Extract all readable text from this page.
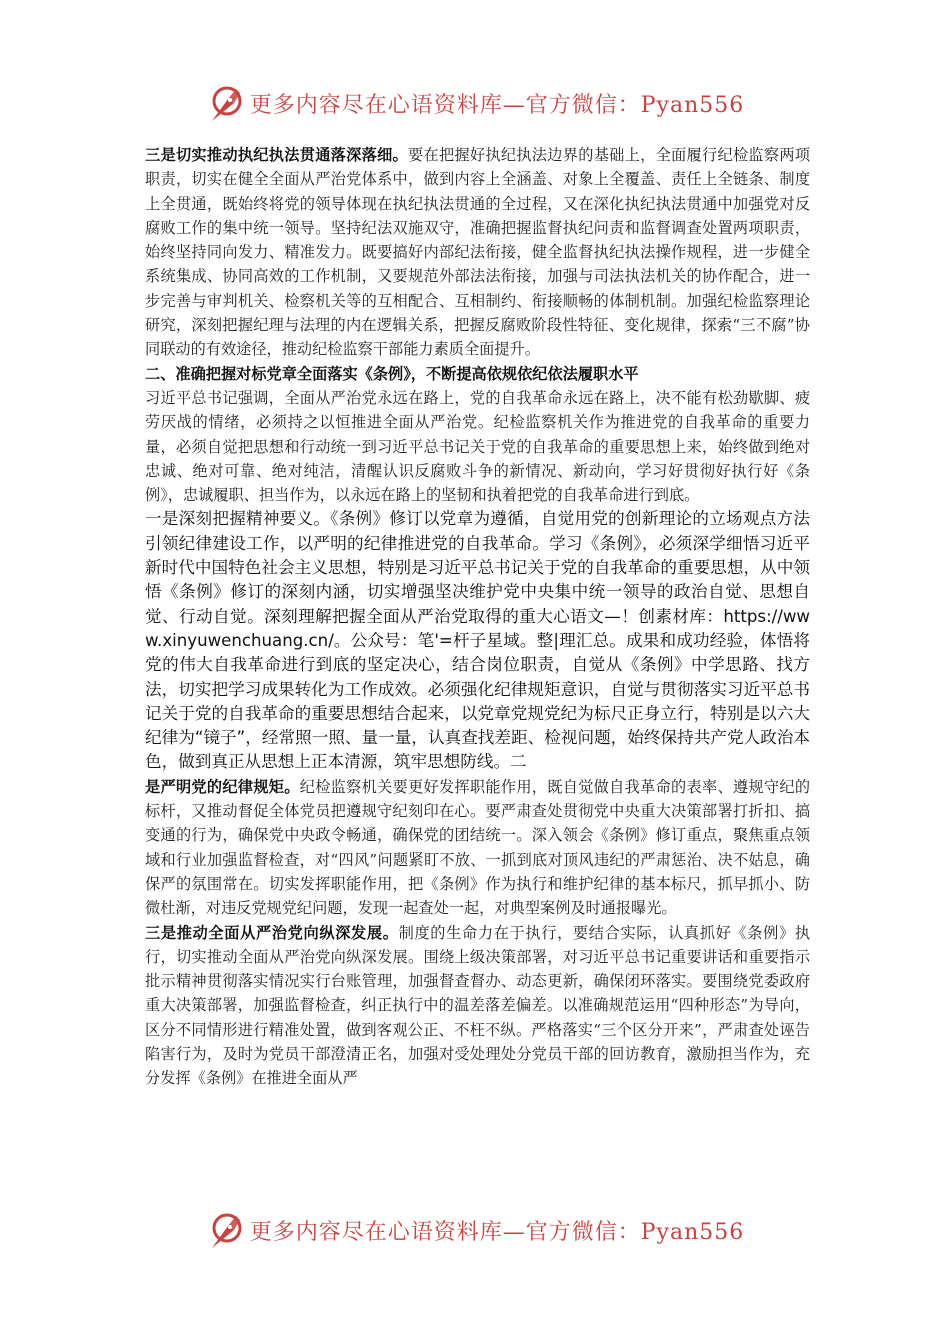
更多内容尽在心语资料库—官方微信：Pyan556

三是切实推动执纪执法贯通落深落细。要在把握好执纪执法边界的基础上，全面履行纪检监察两项职责，切实在健全全面从严治党体系中，做到内容上全涵盖、对象上全覆盖、责任上全链条、制度上全贯通，既始终将党的领导体现在执纪执法贯通的全过程，又在深化执纪执法贯通中加强党对反腐败工作的集中统一领导。坚持纪法双施双守，准确把握监督执纪问责和监督调查处置两项职责，始终坚持同向发力、精准发力。既要搞好内部纪法衔接，健全监督执纪执法操作规程，进一步健全系统集成、协同高效的工作机制，又要规范外部法法衔接，加强与司法执法机关的协作配合，进一步完善与审判机关、检察机关等的互相配合、互相制约、衔接顺畅的体制机制。加强纪检监察理论研究，深刻把握纪理与法理的内在逻辑关系，把握反腐败阶段性特征、变化规律，探索“三不腐”协同联动的有效途径，推动纪检监察干部能力素质全面提升。

二、准确把握对标党章全面落实《条例》，不断提高依规依纪依法履职水平

习近平总书记强调，全面从严治党永远在路上，党的自我革命永远在路上，决不能有松劲歇脚、疲劳厌战的情绪，必须持之以恒推进全面从严治党。纪检监察机关作为推进党的自我革命的重要力量，必须自觉把思想和行动统一到习近平总书记关于党的自我革命的重要思想上来，始终做到绝对忠诚、绝对可靠、绝对纯洁，清醒认识反腐败斗争的新情况、新动向，学习好贯彻好执行好《条例》，忠诚履职、担当作为，以永远在路上的坚韧和执着把党的自我革命进行到底。

一是深刻把握精神要义。《条例》修订以党章为遵循，自觉用党的创新理论的立场观点方法引领纪律建设工作，以严明的纪律推进党的自我革命。学习《条例》，必须深学细悟习近平新时代中国特色社会主义思想，特别是习近平总书记关于党的自我革命的重要思想，从中领悟《条例》修订的深刻内涵，切实增强坚决维护党中央集中统一领导的政治自觉、思想自觉、行动自觉。深刻理解把握全面从严治党取得的重大心语文—！创素材库：https://www.xinyuwenchuang.cn/。公众号：笔'=杆子星域。整|理汇总。成果和成功经验，体悟将党的伟大自我革命进行到底的坚定决心，结合岗位职责，自觉从《条例》中学思路、找方法，切实把学习成果转化为工作成效。必须强化纪律规矩意识，自觉与贯彻落实习近平总书记关于党的自我革命的重要思想结合起来，以党章党规党纪为标尺正身立行，特别是以六大纪律为“镜子”，经常照一照、量一量，认真查找差距、检视问题，始终保持共产党人政治本色，做到真正从思想上正本清源，筑牢思想防线。二

是严明党的纪律规矩。纪检监察机关要更好发挥职能作用，既自觉做自我革命的表率、遵规守纪的标杆，又推动督促全体党员把遵规守纪刻印在心。要严肃查处贯彻党中央重大决策部署打折扣、搞变通的行为，确保党中央政令畅通，确保党的团结统一。深入领会《条例》修订重点，聚焦重点领域和行业加强监督检查，对“四风”问题紧盯不放、一抓到底对顶风违纪的严肃惩治、决不姑息，确保严的氛围常在。切实发挥职能作用，把《条例》作为执行和维护纪律的基本标尺，抓早抓小、防微杜渐，对违反党规党纪问题，发现一起查处一起，对典型案例及时通报曝光。

三是推动全面从严治党向纵深发展。制度的生命力在于执行，要结合实际，认真抓好《条例》执行，切实推动全面从严治党向纵深发展。围绕上级决策部署，对习近平总书记重要讲话和重要指示批示精神贯彻落实情况实行台账管理，加强督查督办、动态更新，确保闭环落实。要围绕党委政府重大决策部署，加强监督检查，纠正执行中的温差落差偏差。以准确规范运用“四种形态”为导向，区分不同情形进行精准处置，做到客观公正、不枉不纵。严格落实“三个区分开来”，严肃查处诬告陷害行为，及时为党员干部澄清正名，加强对受处理处分党员干部的回访教育，激励担当作为，充分发挥《条例》在推进全面从严

更多内容尽在心语资料库—官方微信：Pyan556
